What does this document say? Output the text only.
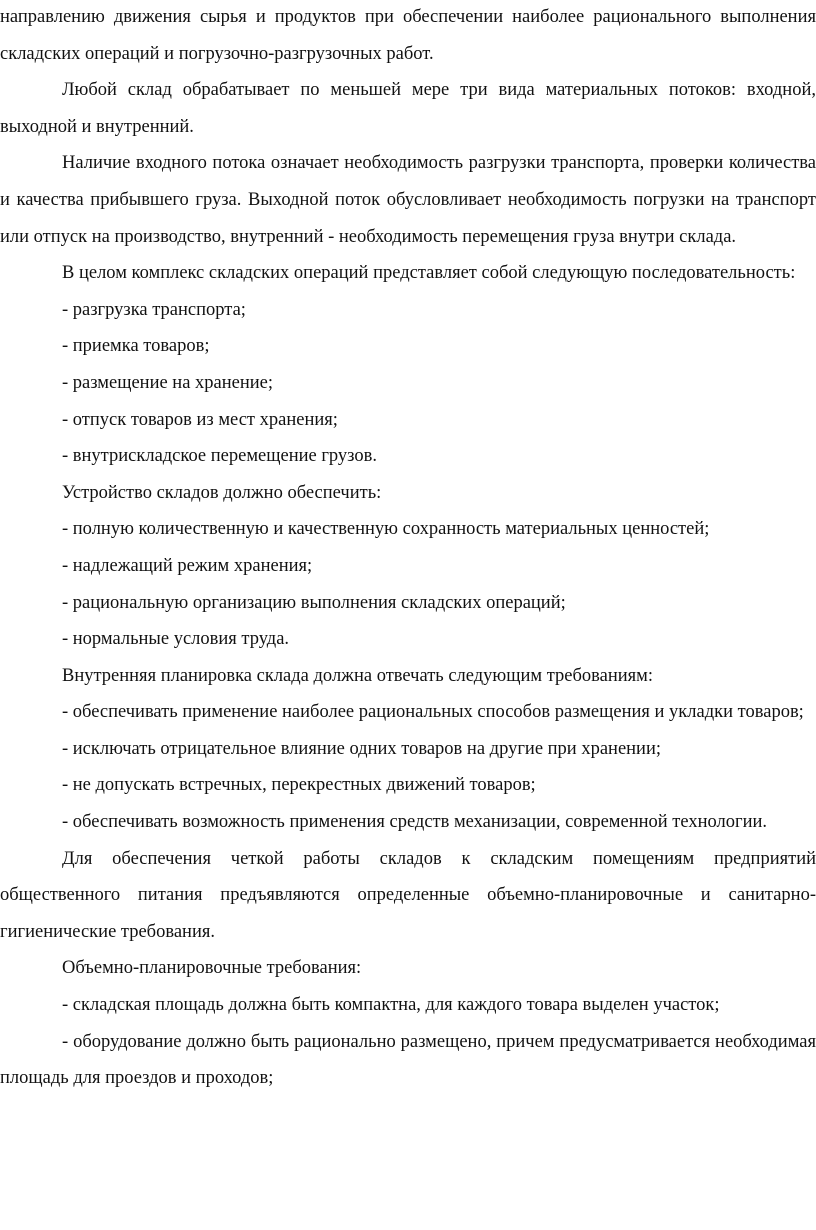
направлению движения сырья и продуктов при обеспечении наиболее рационального выполнения складских операций и погрузочно-разгрузочных работ.

Любой склад обрабатывает по меньшей мере три вида материальных потоков: входной, выходной и внутренний.

Наличие входного потока означает необходимость разгрузки транспорта, проверки количества и качества прибывшего груза. Выходной поток обусловливает необходимость погрузки на транспорт или отпуск на производство, внутренний - необходимость перемещения груза внутри склада.

В целом комплекс складских операций представляет собой следующую последовательность:

- разгрузка транспорта;

- приемка товаров;

- размещение на хранение;

- отпуск товаров из мест хранения;

- внутрискладское перемещение грузов.

Устройство складов должно обеспечить:

- полную количественную и качественную сохранность материальных ценностей;

- надлежащий режим хранения;

- рациональную организацию выполнения складских операций;

- нормальные условия труда.

Внутренняя планировка склада должна отвечать следующим требованиям:

- обеспечивать применение наиболее рациональных способов размещения и укладки товаров;

- исключать отрицательное влияние одних товаров на другие при хранении;

- не допускать встречных, перекрестных движений товаров;

- обеспечивать возможность применения средств механизации, современной технологии.

Для обеспечения четкой работы складов к складским помещениям предприятий общественного питания предъявляются определенные объемно-планировочные и санитарно-гигиенические требования.

Объемно-планировочные требования:

- складская площадь должна быть компактна, для каждого товара выделен участок;

- оборудование должно быть рационально размещено, причем предусматривается необходимая площадь для проездов и проходов;
